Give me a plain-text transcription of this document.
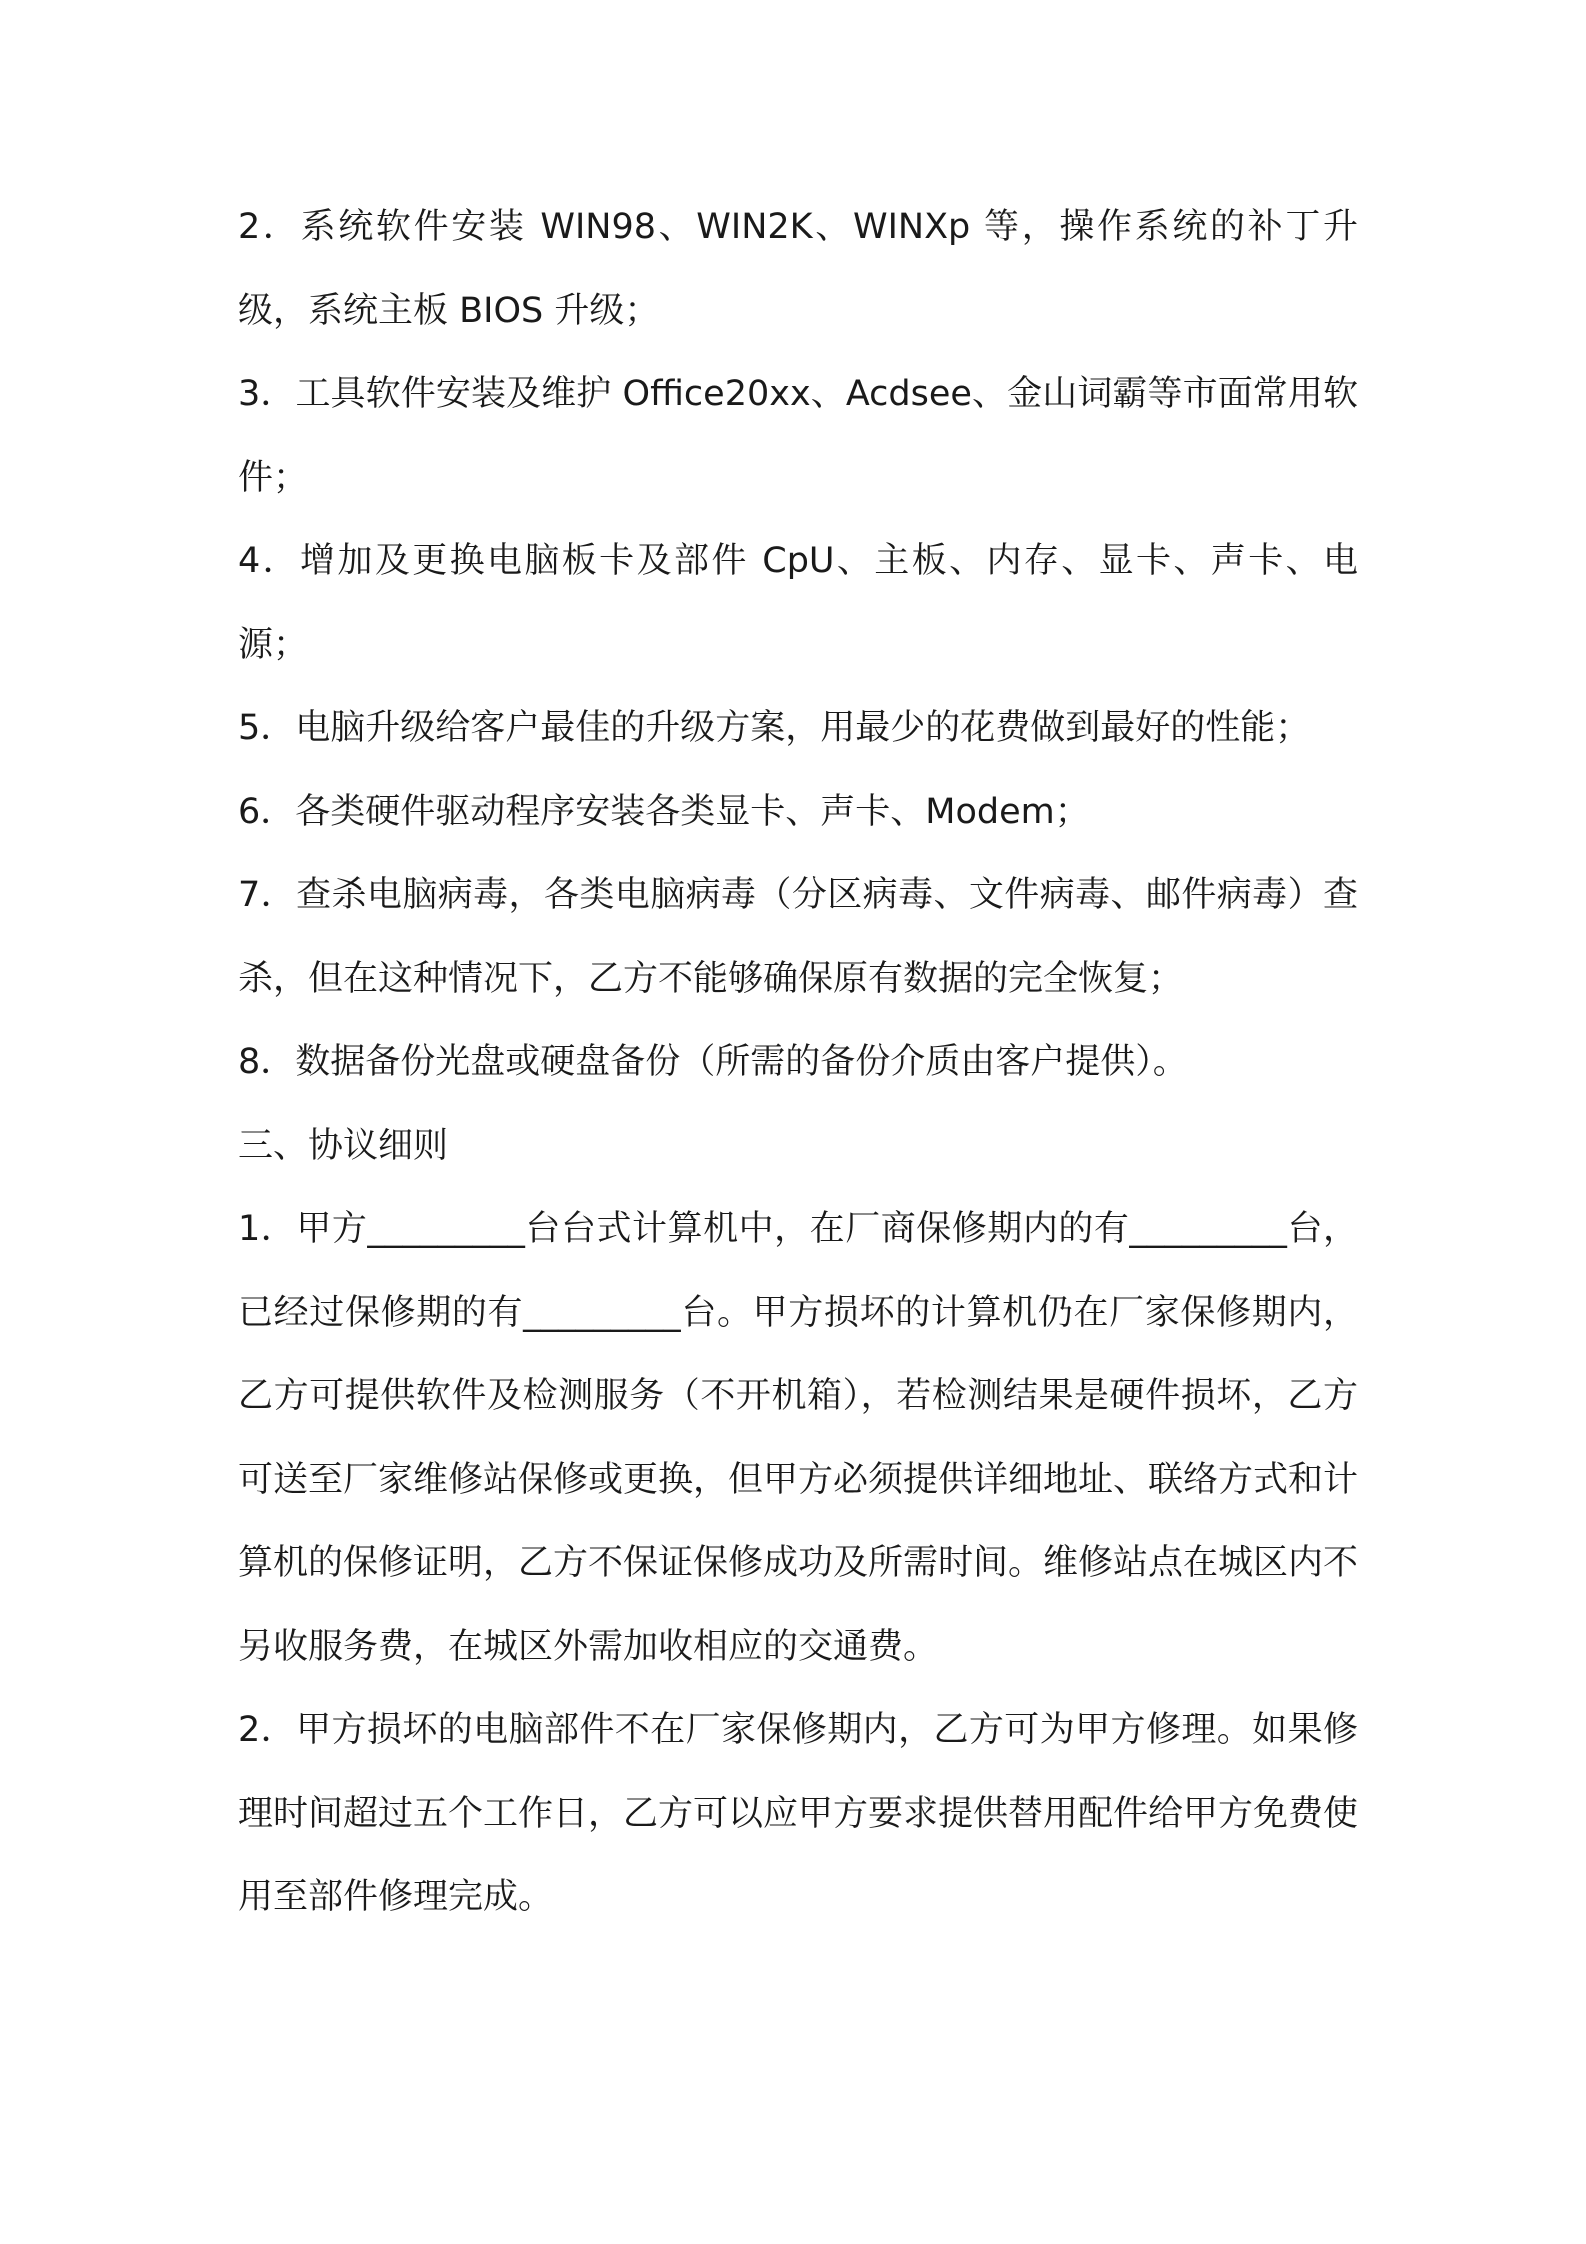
2．系统软件安装 WIN98、WIN2K、WINXp 等，操作系统的补丁升级，系统主板 BIOS 升级；

3．工具软件安装及维护 Office20xx、Acdsee、金山词霸等市面常用软件；

4．增加及更换电脑板卡及部件 CpU、主板、内存、显卡、声卡、电源；

5．电脑升级给客户最佳的升级方案，用最少的花费做到最好的性能；

6．各类硬件驱动程序安装各类显卡、声卡、Modem；

7．查杀电脑病毒，各类电脑病毒（分区病毒、文件病毒、邮件病毒）查杀，但在这种情况下，乙方不能够确保原有数据的完全恢复；

8．数据备份光盘或硬盘备份（所需的备份介质由客户提供）。

三、协议细则

1．甲方_________台台式计算机中，在厂商保修期内的有_________台，已经过保修期的有_________台。甲方损坏的计算机仍在厂家保修期内，乙方可提供软件及检测服务（不开机箱），若检测结果是硬件损坏，乙方可送至厂家维修站保修或更换，但甲方必须提供详细地址、联络方式和计算机的保修证明，乙方不保证保修成功及所需时间。维修站点在城区内不另收服务费，在城区外需加收相应的交通费。

2．甲方损坏的电脑部件不在厂家保修期内，乙方可为甲方修理。如果修理时间超过五个工作日，乙方可以应甲方要求提供替用配件给甲方免费使用至部件修理完成。
